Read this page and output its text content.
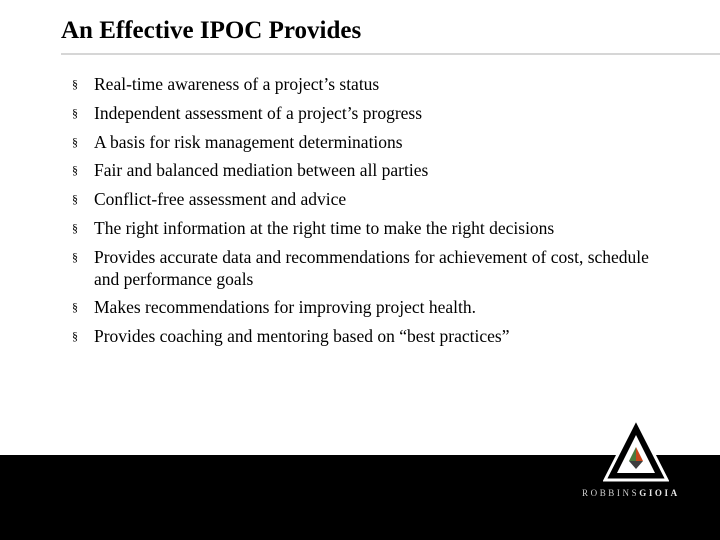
An Effective IPOC Provides
§ Real-time awareness of a project’s status
§ Independent assessment of a project’s progress
§ A basis for risk management determinations
§ Fair and balanced mediation between all parties
§ Conflict-free assessment and advice
§ The right information at the right time to make the right decisions
§ Provides accurate data and recommendations for achievement of cost, schedule and performance goals
§ Makes recommendations for improving project health.
§ Provides coaching and mentoring based on “best practices”
ROBBINSGIOIA
